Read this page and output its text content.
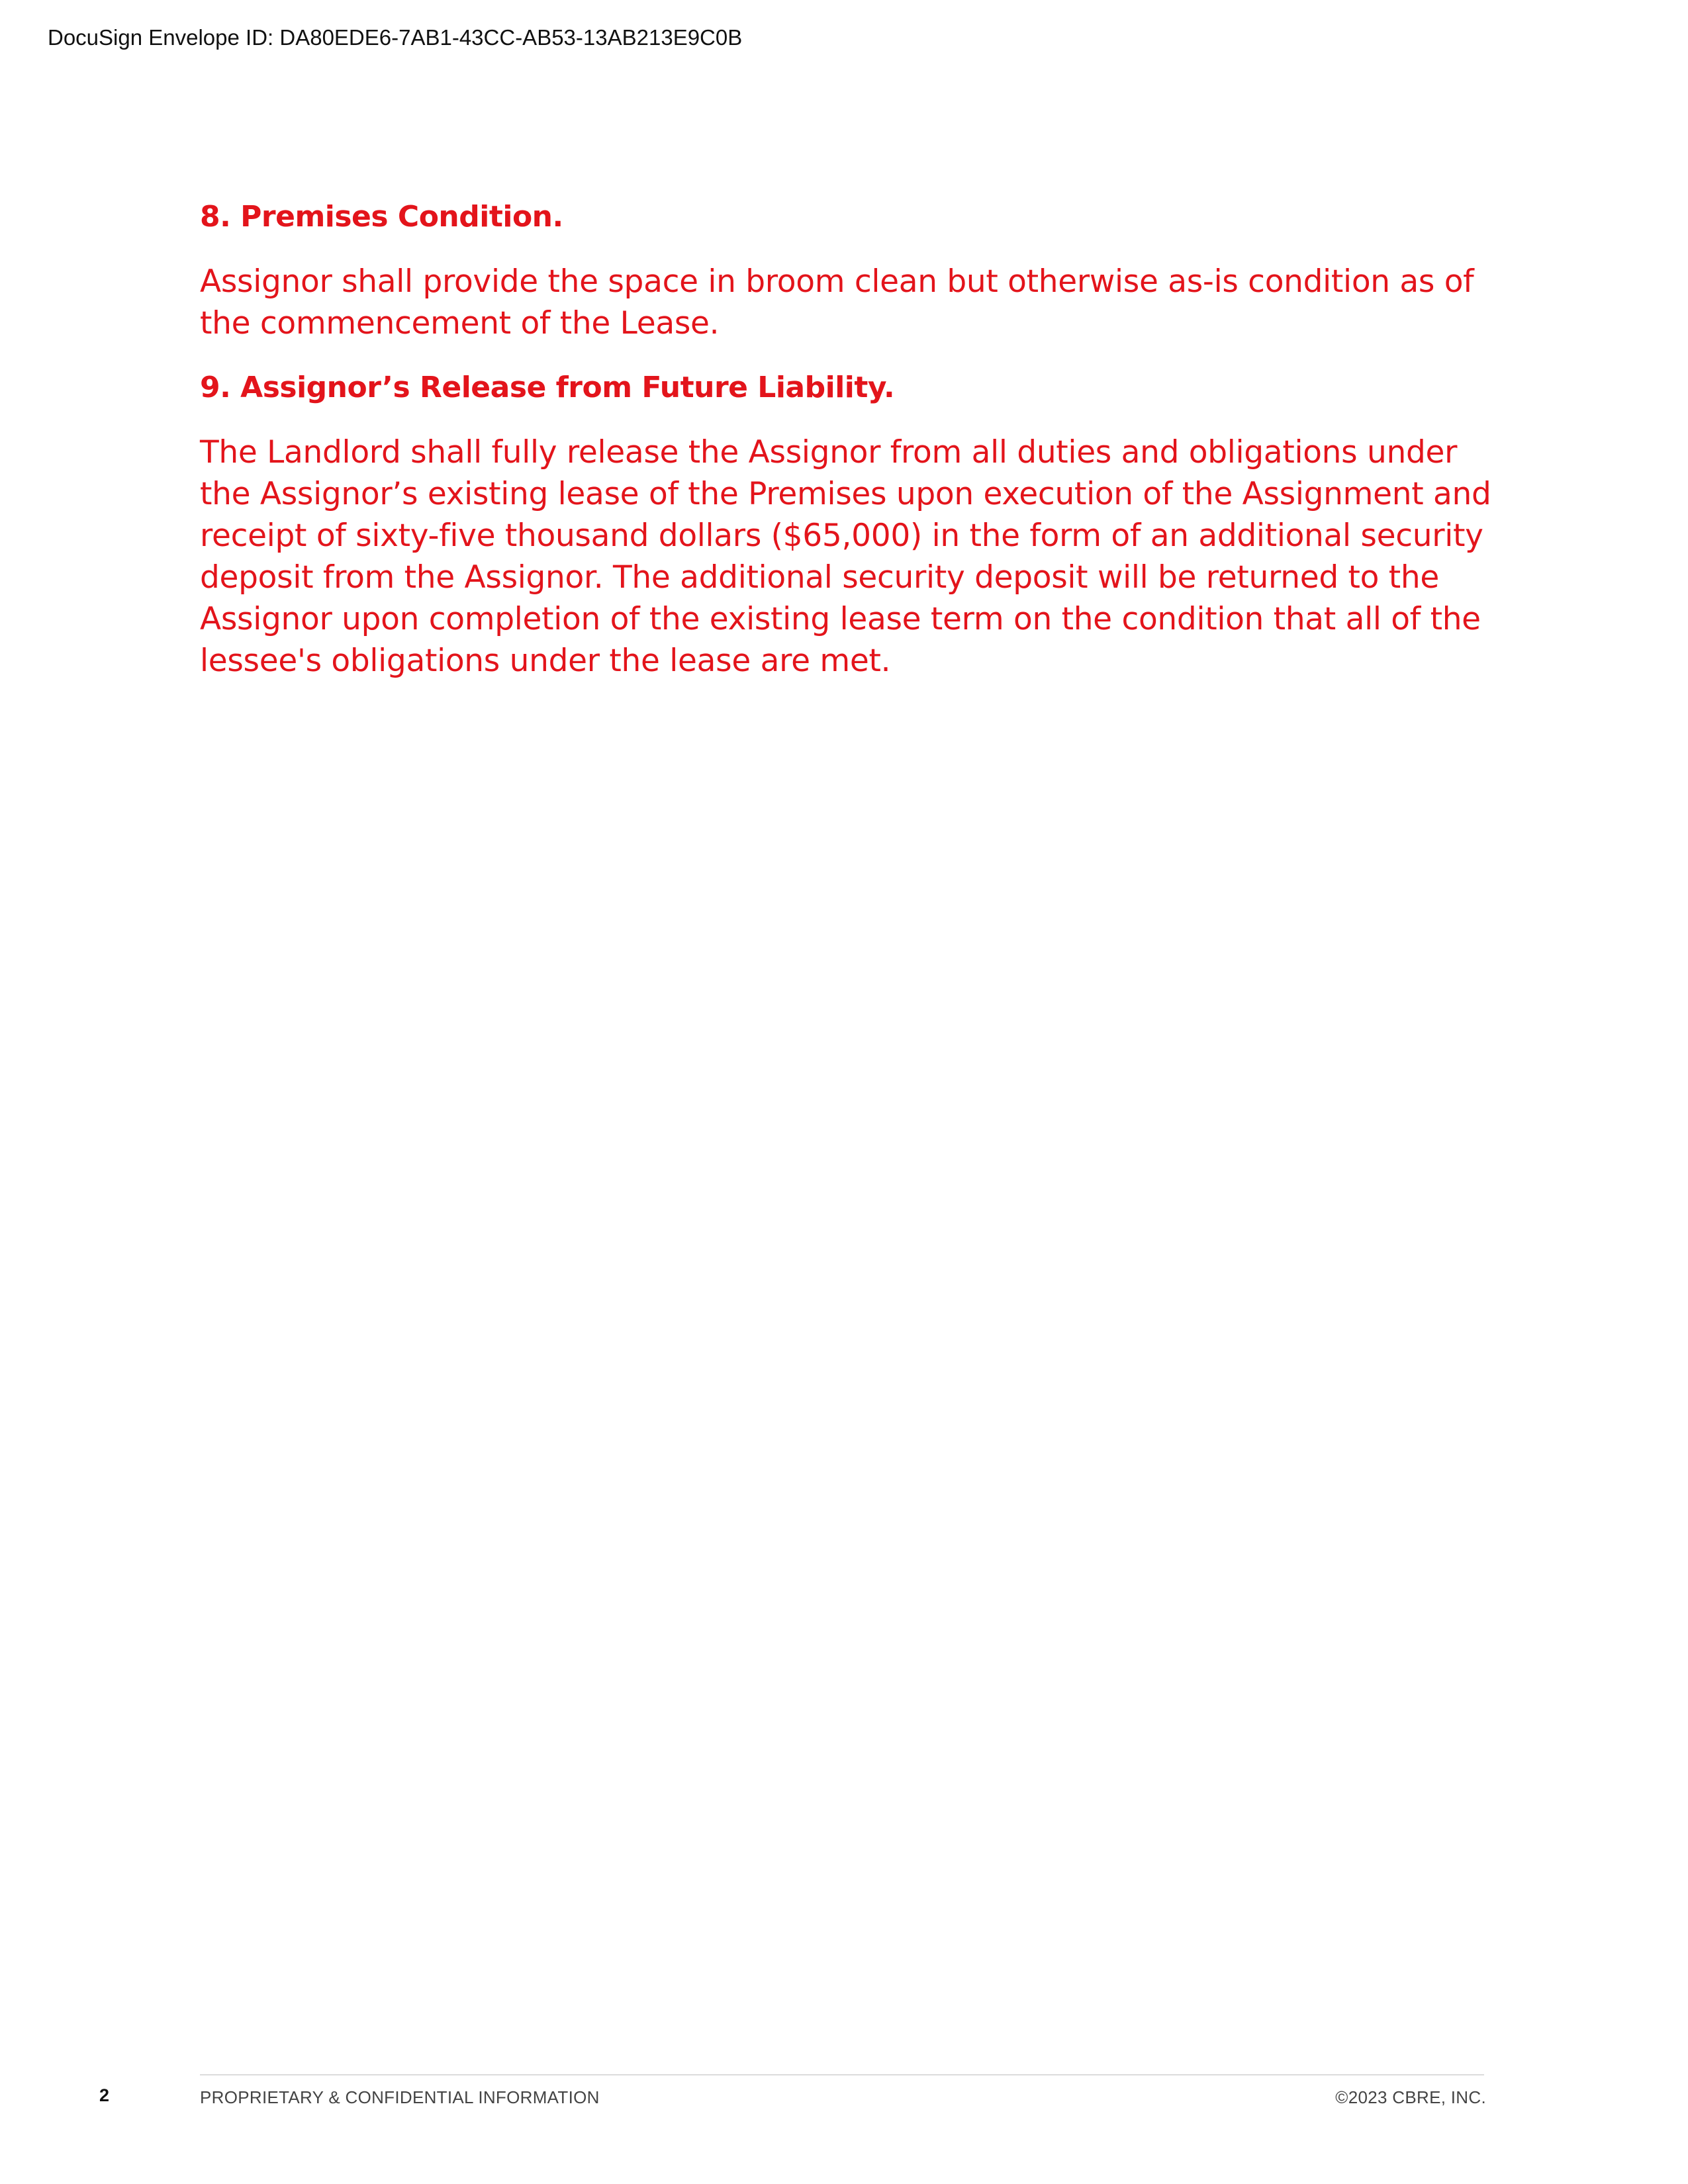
DocuSign Envelope ID: DA80EDE6-7AB1-43CC-AB53-13AB213E9C0B
8. Premises Condition.

Assignor shall provide the space in broom clean but otherwise as-is condition as of the commencement of the Lease.

9. Assignor’s Release from Future Liability.

The Landlord shall fully release the Assignor from all duties and obligations under the Assignor’s existing lease of the Premises upon execution of the Assignment and receipt of sixty-five thousand dollars ($65,000) in the form of an additional security deposit from the Assignor. The additional security deposit will be returned to the Assignor upon completion of the existing lease term on the condition that all of the lessee's obligations under the lease are met.

2	PROPRIETARY & CONFIDENTIAL INFORMATION	©2023 CBRE, INC.
